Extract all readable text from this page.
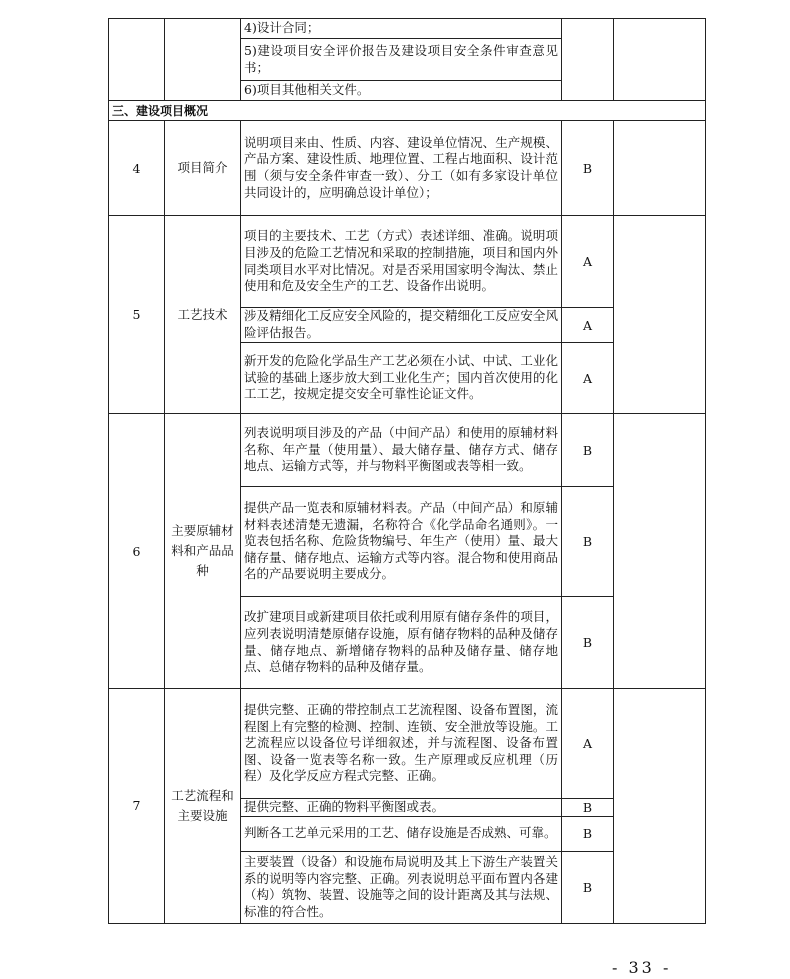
		4)设计合同；		
		5)建设项目安全评价报告及建设项目安全条件审查意见书；		
		6)项目其他相关文件。		
三、建设项目概况				
4	项目简介	说明项目来由、性质、内容、建设单位情况、生产规模、产品方案、建设性质、地理位置、工程占地面积、设计范围（须与安全条件审查一致）、分工（如有多家设计单位共同设计的，应明确总设计单位）；	B	
5	工艺技术	项目的主要技术、工艺（方式）表述详细、准确。说明项目涉及的危险工艺情况和采取的控制措施，项目和国内外同类项目水平对比情况。对是否采用国家明令淘汰、禁止使用和危及安全生产的工艺、设备作出说明。	A	
		涉及精细化工反应安全风险的，提交精细化工反应安全风险评估报告。	A	
		新开发的危险化学品生产工艺必须在小试、中试、工业化试验的基础上逐步放大到工业化生产；国内首次使用的化工工艺，按规定提交安全可靠性论证文件。	A	
6	主要原辅材料和产品品种	列表说明项目涉及的产品（中间产品）和使用的原辅材料名称、年产量（使用量）、最大储存量、储存方式、储存地点、运输方式等，并与物料平衡图或表等相一致。	B	
		提供产品一览表和原辅材料表。产品（中间产品）和原辅材料表述清楚无遗漏，名称符合《化学品命名通则》。一览表包括名称、危险货物编号、年生产（使用）量、最大储存量、储存地点、运输方式等内容。混合物和使用商品名的产品要说明主要成分。	B	
		改扩建项目或新建项目依托或利用原有储存条件的项目，应列表说明清楚原储存设施，原有储存物料的品种及储存量、储存地点、新增储存物料的品种及储存量、储存地点、总储存物料的品种及储存量。	B	
7	工艺流程和主要设施	提供完整、正确的带控制点工艺流程图、设备布置图，流程图上有完整的检测、控制、连锁、安全泄放等设施。工艺流程应以设备位号详细叙述，并与流程图、设备布置图、设备一览表等名称一致。生产原理或反应机理（历程）及化学反应方程式完整、正确。	A	
		提供完整、正确的物料平衡图或表。	B	
		判断各工艺单元采用的工艺、储存设施是否成熟、可靠。	B	
		主要装置（设备）和设施布局说明及其上下游生产装置关系的说明等内容完整、正确。列表说明总平面布置内各建（构）筑物、装置、设施等之间的设计距离及其与法规、标准的符合性。	B	
- 33 -
